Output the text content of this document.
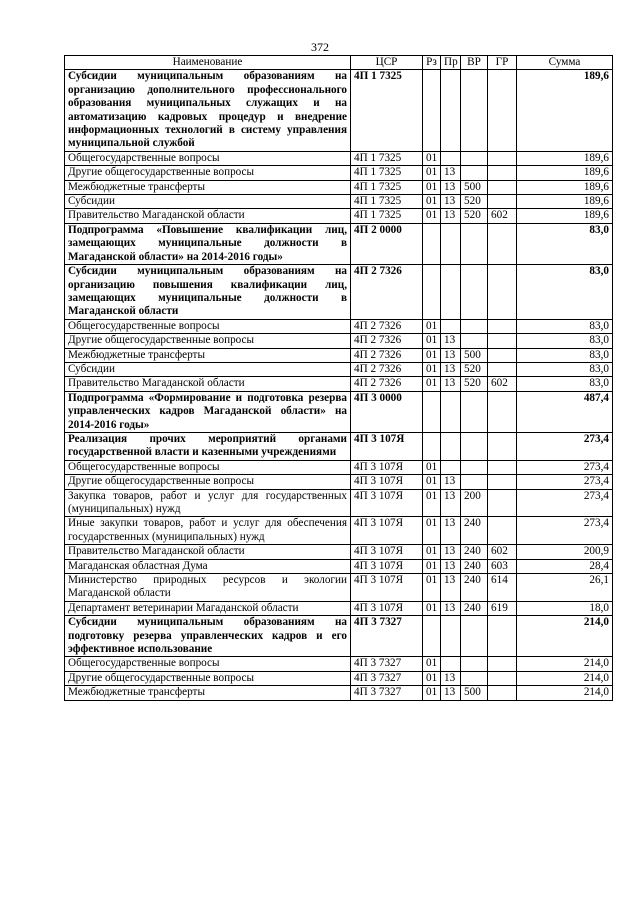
372
Наименование	ЦСР	Рз	Пр	ВР	ГР	Сумма
Субсидии муниципальным образованиям на организацию дополнительного профессионального образования муниципальных служащих и на автоматизацию кадровых процедур и внедрение информационных технологий в систему управления муниципальной службой	4П 1 7325					189,6
Общегосударственные вопросы	4П 1 7325	01				189,6
Другие общегосударственные вопросы	4П 1 7325	01	13			189,6
Межбюджетные трансферты	4П 1 7325	01	13	500		189,6
Субсидии	4П 1 7325	01	13	520		189,6
Правительство Магаданской области	4П 1 7325	01	13	520	602	189,6
Подпрограмма «Повышение квалификации лиц, замещающих муниципальные должности в Магаданской области» на 2014-2016 годы»	4П 2 0000					83,0
Субсидии муниципальным образованиям на организацию повышения квалификации лиц, замещающих муниципальные должности в Магаданской области	4П 2 7326					83,0
Общегосударственные вопросы	4П 2 7326	01				83,0
Другие общегосударственные вопросы	4П 2 7326	01	13			83,0
Межбюджетные трансферты	4П 2 7326	01	13	500		83,0
Субсидии	4П 2 7326	01	13	520		83,0
Правительство Магаданской области	4П 2 7326	01	13	520	602	83,0
Подпрограмма «Формирование и подготовка резерва управленческих кадров Магаданской области» на 2014-2016 годы»	4П 3 0000					487,4
Реализация прочих мероприятий органами государственной власти и казенными учреждениями	4П 3 107Я					273,4
Общегосударственные вопросы	4П 3 107Я	01				273,4
Другие общегосударственные вопросы	4П 3 107Я	01	13			273,4
Закупка товаров, работ и услуг для государственных (муниципальных) нужд	4П 3 107Я	01	13	200		273,4
Иные закупки товаров, работ и услуг для обеспечения государственных (муниципальных) нужд	4П 3 107Я	01	13	240		273,4
Правительство Магаданской области	4П 3 107Я	01	13	240	602	200,9
Магаданская областная Дума	4П 3 107Я	01	13	240	603	28,4
Министерство природных ресурсов и экологии Магаданской области	4П 3 107Я	01	13	240	614	26,1
Департамент ветеринарии Магаданской области	4П 3 107Я	01	13	240	619	18,0
Субсидии муниципальным образованиям на подготовку резерва управленческих кадров и его эффективное использование	4П 3 7327					214,0
Общегосударственные вопросы	4П 3 7327	01				214,0
Другие общегосударственные вопросы	4П 3 7327	01	13			214,0
Межбюджетные трансферты	4П 3 7327	01	13	500		214,0
